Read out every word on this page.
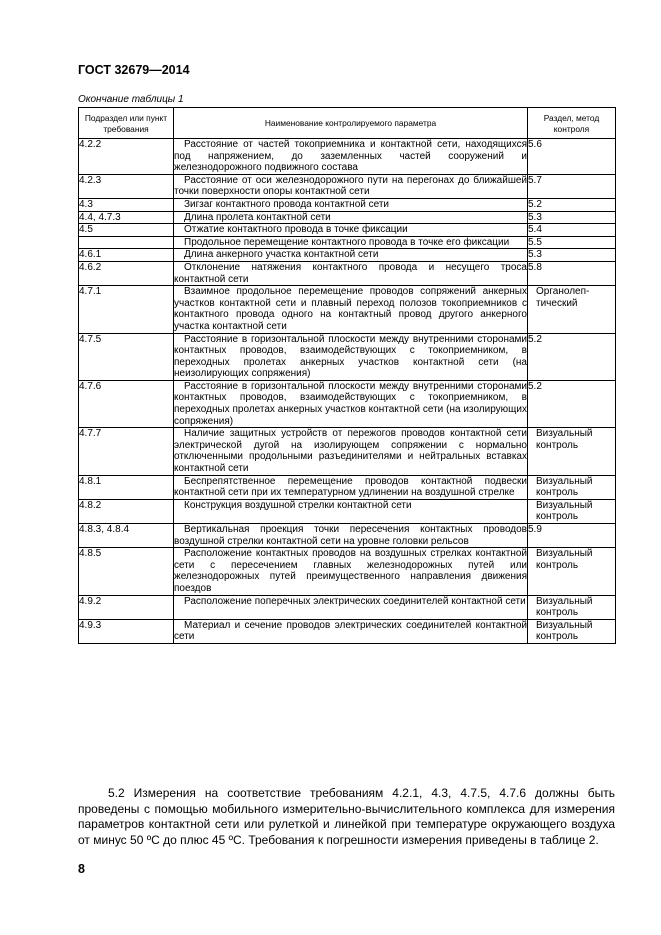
ГОСТ 32679—2014
Окончание таблицы 1
Подраздел или пункт требования	Наименование контролируемого параметра	Раздел, метод контроля
4.2.2	Расстояние от частей токоприемника и контактной сети, находящихся под напряжением, до заземленных частей сооружений и железнодорожного подвижного состава	5.6
4.2.3	Расстояние от оси железнодорожного пути на перегонах до ближайшей точки поверхности опоры контактной сети	5.7
4.3	Зигзаг контактного провода контактной сети	5.2
4.4, 4.7.3	Длина пролета контактной сети	5.3
4.5	Отжатие контактного провода в точке фиксации	5.4
	Продольное перемещение контактного провода в точке его фиксации	5.5
4.6.1	Длина анкерного участка контактной сети	5.3
4.6.2	Отклонение натяжения контактного провода и несущего троса контактной сети	5.8
4.7.1	Взаимное продольное перемещение проводов сопряжений анкерных участков контактной сети и плавный переход полозов токоприемников с контактного провода одного на контактный провод другого анкерного участка контактной сети	Органолеп-тический
4.7.5	Расстояние в горизонтальной плоскости между внутренними сторонами контактных проводов, взаимодействующих с токоприемником, в переходных пролетах анкерных участков контактной сети (на неизолирующих сопряжения)	5.2
4.7.6	Расстояние в горизонтальной плоскости между внутренними сторонами контактных проводов, взаимодействующих с токоприемником, в переходных пролетах анкерных участков контактной сети (на изолирующих сопряжения)	5.2
4.7.7	Наличие защитных устройств от пережогов проводов контактной сети электрической дугой на изолирующем сопряжении с нормально отключенными продольными разъединителями и нейтральных вставках контактной сети	Визуальный контроль
4.8.1	Беспрепятственное перемещение проводов контактной подвески контактной сети при их температурном удлинении на воздушной стрелке	Визуальный контроль
4.8.2	Конструкция воздушной стрелки контактной сети	Визуальный контроль
4.8.3, 4.8.4	Вертикальная проекция точки пересечения контактных проводов воздушной стрелки контактной сети на уровне головки рельсов	5.9
4.8.5	Расположение контактных проводов на воздушных стрелках контактной сети с пересечением главных железнодорожных путей или железнодорожных путей преимущественного направления движения поездов	Визуальный контроль
4.9.2	Расположение поперечных электрических соединителей контактной сети	Визуальный контроль
4.9.3	Материал и сечение проводов электрических соединителей контактной сети	Визуальный контроль
5.2 Измерения на соответствие требованиям 4.2.1, 4.3, 4.7.5, 4.7.6 должны быть проведены с помощью мобильного измерительно-вычислительного комплекса для измерения параметров контактной сети или рулеткой и линейкой при температуре окружающего воздуха от минус 50 ºС до плюс 45 ºС. Требования к погрешности измерения приведены в таблице 2.
8
